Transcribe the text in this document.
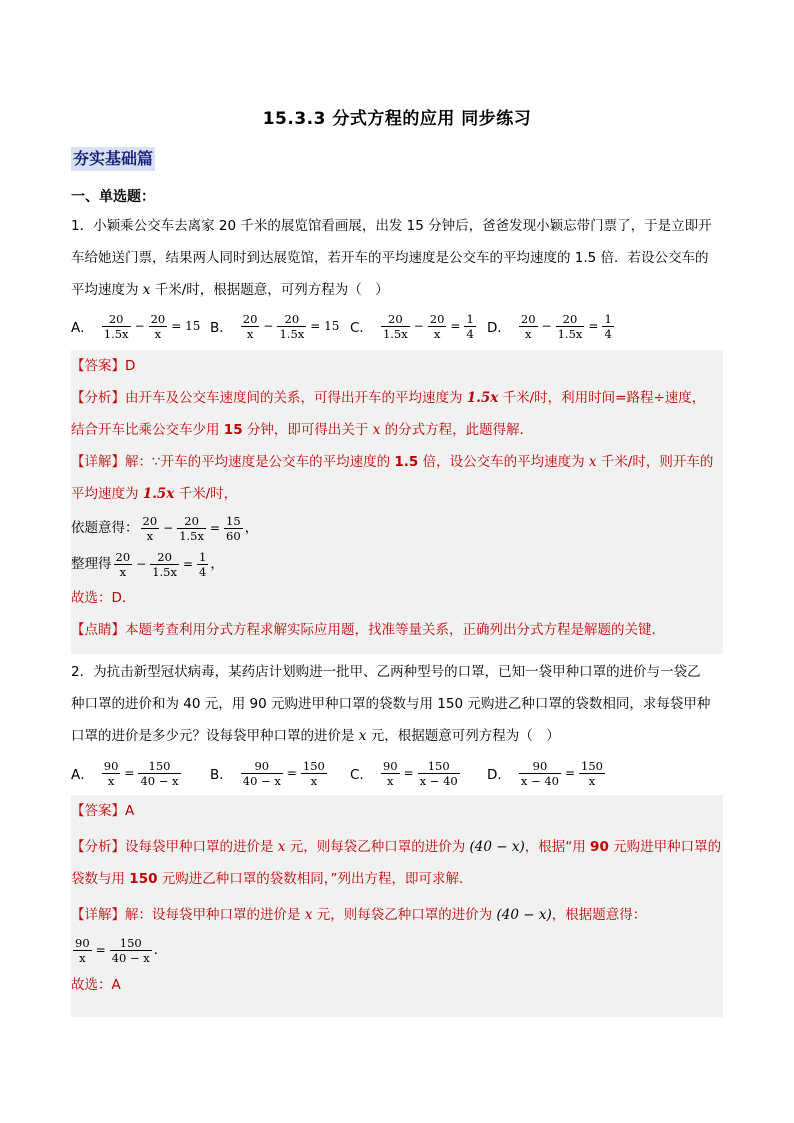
15.3.3 分式方程的应用 同步练习
夯实基础篇
一、单选题：
1．小颖乘公交车去离家 20 千米的展览馆看画展，出发 15 分钟后，爸爸发现小颖忘带门票了，于是立即开
车给她送门票，结果两人同时到达展览馆，若开车的平均速度是公交车的平均速度的 1.5 倍．若设公交车的
平均速度为 x 千米/时，根据题意，可列方程为（　）
A． $\frac{20}{1.5x} - \frac{20}{x} = 15$ B． $\frac{20}{x} - \frac{20}{1.5x} = 15$ C． $\frac{20}{1.5x} - \frac{20}{x} = \frac{1}{4}$ D． $\frac{20}{x} - \frac{20}{1.5x} = \frac{1}{4}$
【答案】D
【分析】由开车及公交车速度间的关系，可得出开车的平均速度为 1.5x 千米/时，利用时间=路程÷速度，
结合开车比乘公交车少用 15 分钟，即可得出关于 x 的分式方程，此题得解．
【详解】解：∵开车的平均速度是公交车的平均速度的 1.5 倍，设公交车的平均速度为 x 千米/时，则开车的
平均速度为 1.5x 千米/时，
依题意得： $\frac{20}{x} - \frac{20}{1.5x} = \frac{15}{60}$ ，
整理得 $\frac{20}{x} - \frac{20}{1.5x} = \frac{1}{4}$ ，
故选：D．
【点睛】本题考查利用分式方程求解实际应用题，找准等量关系，正确列出分式方程是解题的关键．
2．为抗击新型冠状病毒，某药店计划购进一批甲、乙两种型号的口罩，已知一袋甲种口罩的进价与一袋乙
种口罩的进价和为 40 元，用 90 元购进甲种口罩的袋数与用 150 元购进乙种口罩的袋数相同，求每袋甲种
口罩的进价是多少元？设每袋甲种口罩的进价是 x 元，根据题意可列方程为（　）
A． $\frac{90}{x} = \frac{150}{40 - x}$ B． $\frac{90}{40 - x} = \frac{150}{x}$ C． $\frac{90}{x} = \frac{150}{x - 40}$ D． $\frac{90}{x - 40} = \frac{150}{x}$
【答案】A
【分析】设每袋甲种口罩的进价是 x 元，则每袋乙种口罩的进价为 (40 − x)，根据“用 90 元购进甲种口罩的
袋数与用 150 元购进乙种口罩的袋数相同，”列出方程，即可求解．
【详解】解：设每袋甲种口罩的进价是 x 元，则每袋乙种口罩的进价为 (40 − x)，根据题意得：
$\frac{90}{x} = \frac{150}{40 - x}$ ．
故选：A
